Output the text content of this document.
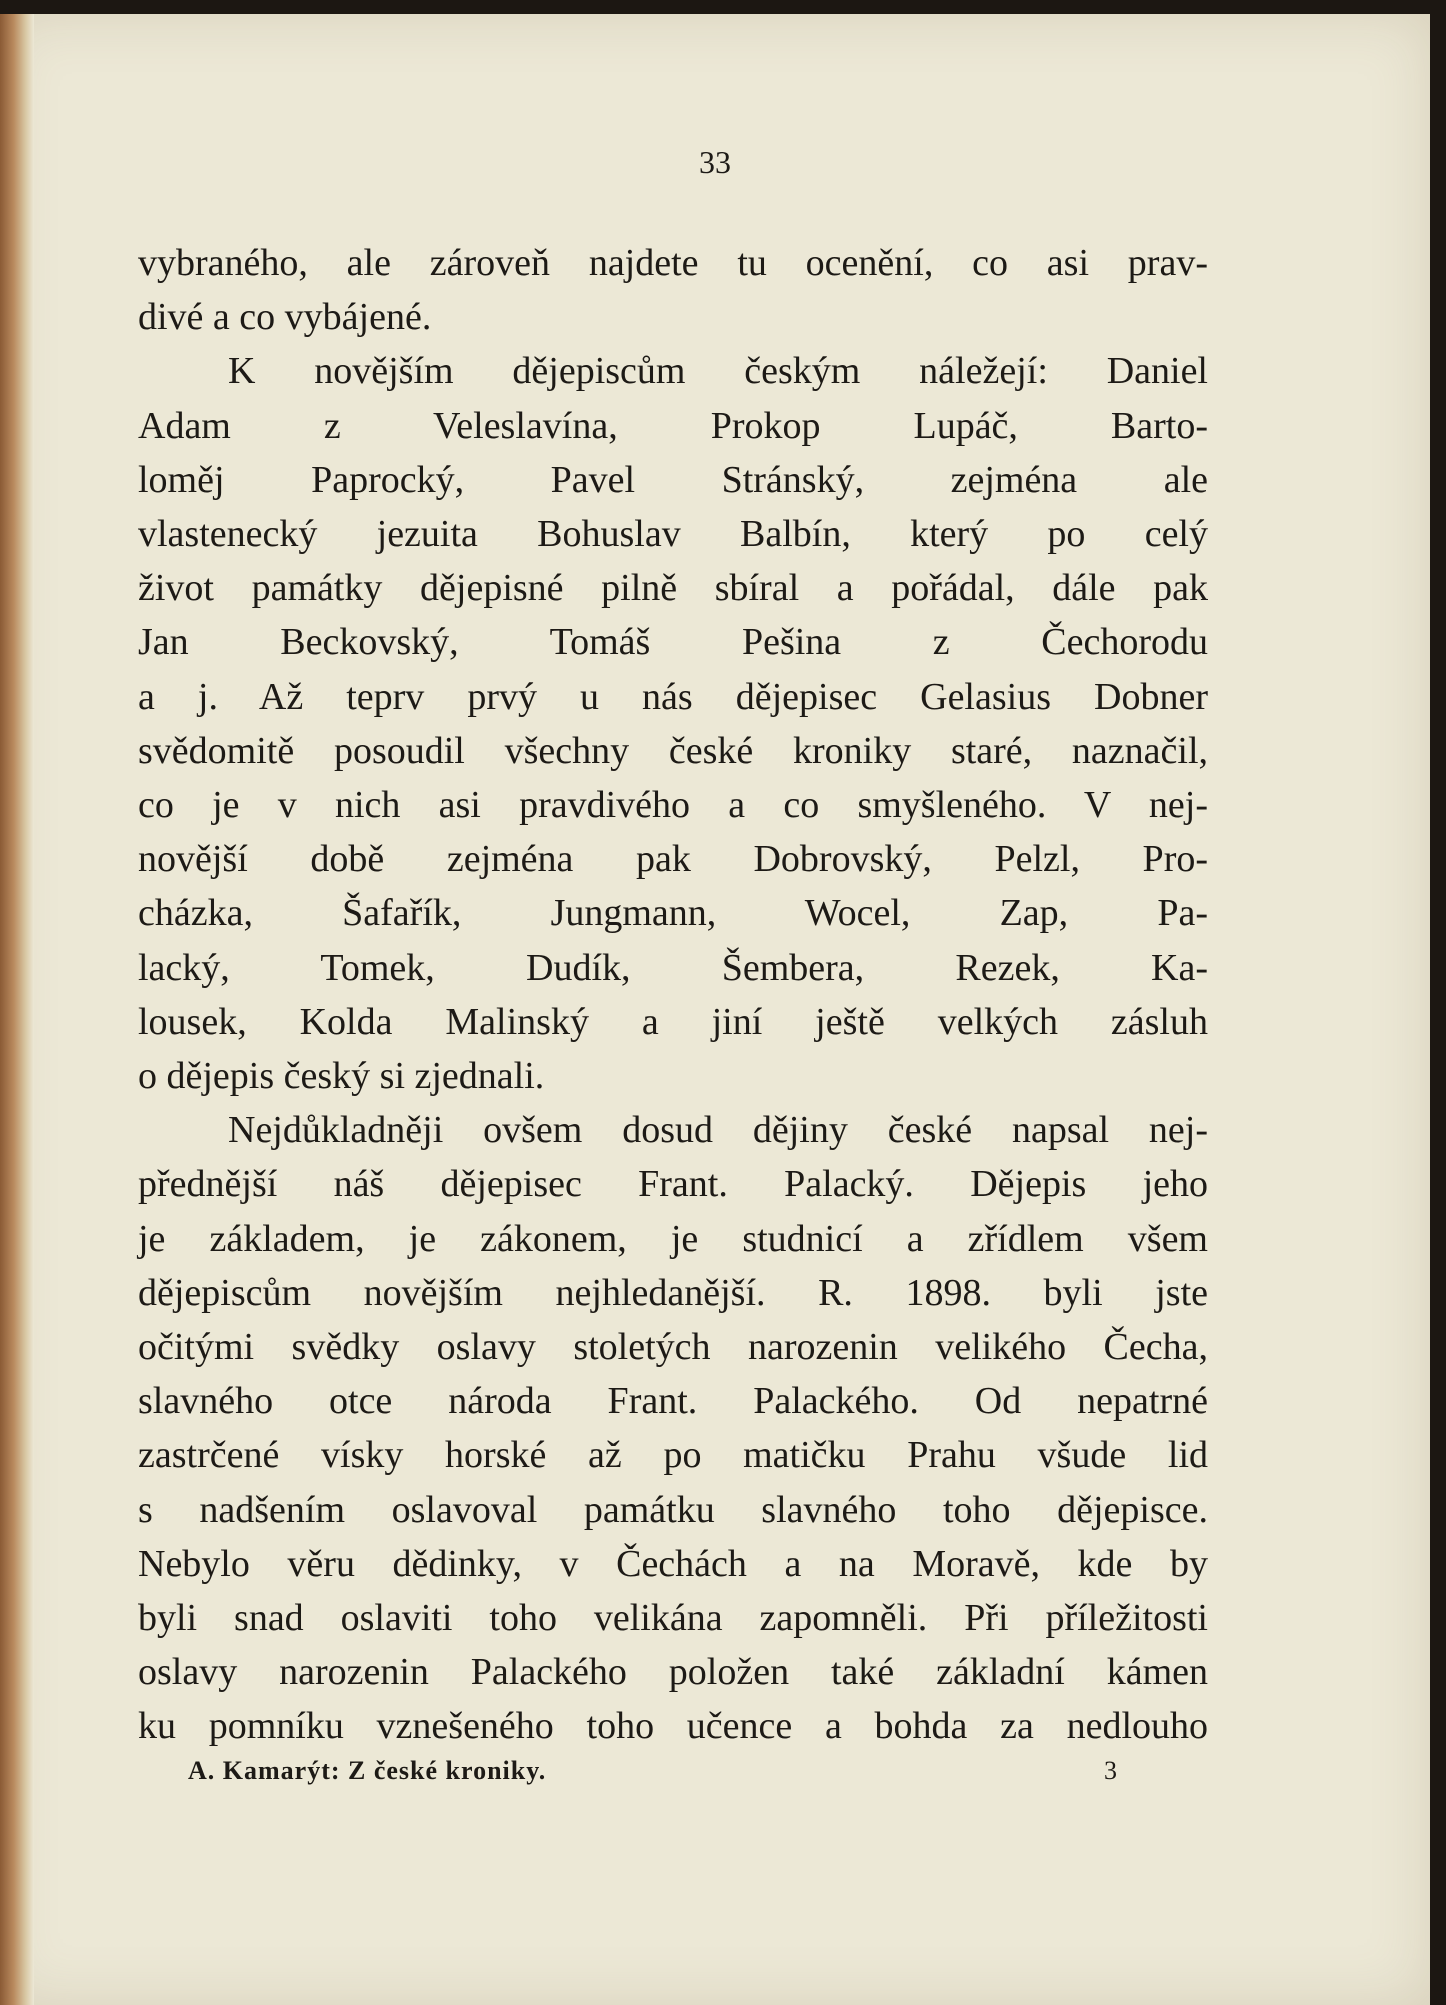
33

vybraného, ale zároveň najdete tu ocenění, co asi prav-
divé a co vybájené.
K novějším dějepiscům českým náležejí: Daniel
Adam z Veleslavína, Prokop Lupáč, Barto-
loměj Paprocký, Pavel Stránský, zejména ale
vlastenecký jezuita Bohuslav Balbín, který po celý
život památky dějepisné pilně sbíral a pořádal, dále pak
Jan Beckovský, Tomáš Pešina z Čechorodu
a j. Až teprv prvý u nás dějepisec Gelasius Dobner
svědomitě posoudil všechny české kroniky staré, naznačil,
co je v nich asi pravdivého a co smyšleného. V nej-
novější době zejména pak Dobrovský, Pelzl, Pro-
cházka, Šafařík, Jungmann, Wocel, Zap, Pa-
lacký, Tomek, Dudík, Šembera, Rezek, Ka-
lousek, Kolda Malinský a jiní ještě velkých zásluh
o dějepis český si zjednali.
Nejdůkladněji ovšem dosud dějiny české napsal nej-
přednější náš dějepisec Frant. Palacký. Dějepis jeho
je základem, je zákonem, je studnicí a zřídlem všem
dějepiscům novějším nejhledanější. R. 1898. byli jste
očitými svědky oslavy stoletých narozenin velikého Čecha,
slavného otce národa Frant. Palackého. Od nepatrné
zastrčené vísky horské až po matičku Prahu všude lid
s nadšením oslavoval památku slavného toho dějepisce.
Nebylo věru dědinky, v Čechách a na Moravě, kde by
byli snad oslaviti toho velikána zapomněli. Při příležitosti
oslavy narozenin Palackého položen také základní kámen
ku pomníku vznešeného toho učence a bohda za nedlouho
A. Kamarýt: Z české kroniky.	3
